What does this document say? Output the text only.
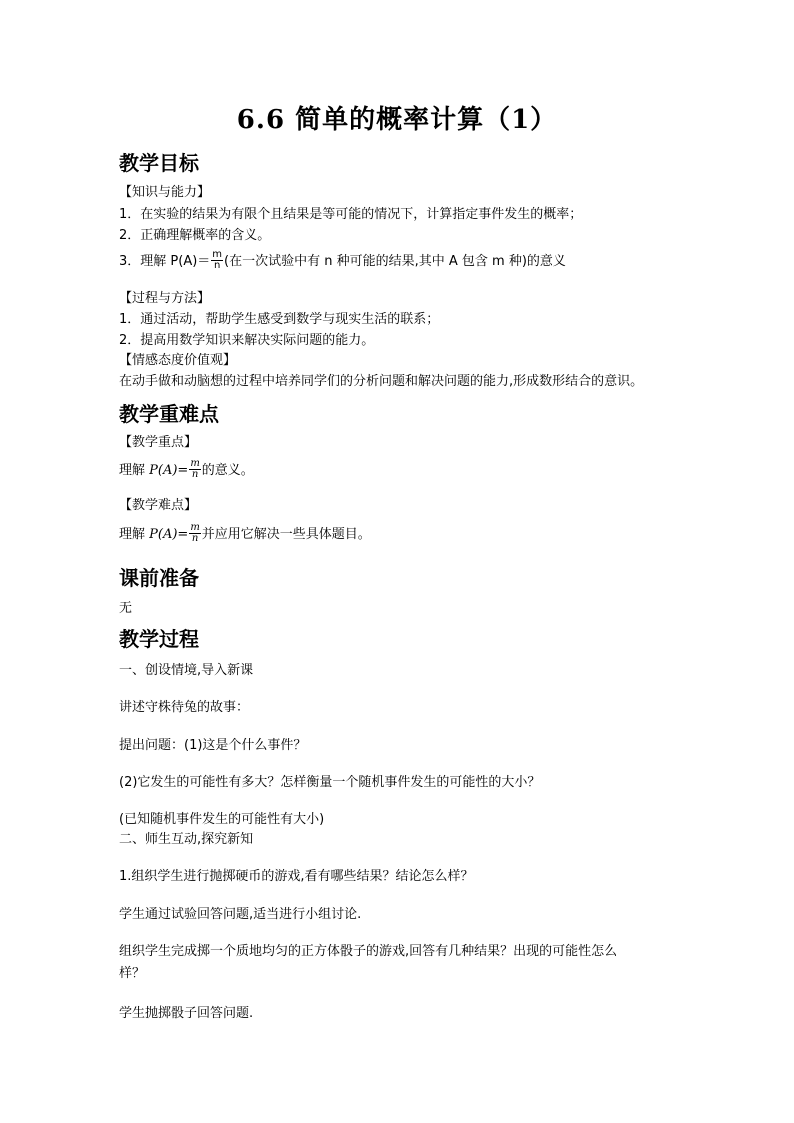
6.6 简单的概率计算（1）
教学目标
【知识与能力】
1．在实验的结果为有限个且结果是等可能的情况下，计算指定事件发生的概率；
2．正确理解概率的含义。
3．理解 $P(A)= \frac{m}{n}$ (在一次试验中有 n 种可能的结果,其中 A 包含 m 种)的意义
【过程与方法】
1．通过活动，帮助学生感受到数学与现实生活的联系；
2．提高用数学知识来解决实际问题的能力。
【情感态度价值观】
在动手做和动脑想的过程中培养同学们的分析问题和解决问题的能力,形成数形结合的意识。
教学重难点
【教学重点】
理解 $P(A)= \frac{m}{n}$ 的意义。
【教学难点】
理解 $P(A)= \frac{m}{n}$ 并应用它解决一些具体题目。
课前准备
无
教学过程
一、创设情境,导入新课
讲述守株待兔的故事：
提出问题：(1)这是个什么事件？
(2)它发生的可能性有多大？怎样衡量一个随机事件发生的可能性的大小？
(已知随机事件发生的可能性有大小)
二、师生互动,探究新知
1.组织学生进行抛掷硬币的游戏,看有哪些结果？结论怎么样？
学生通过试验回答问题,适当进行小组讨论.
组织学生完成掷一个质地均匀的正方体骰子的游戏,回答有几种结果？出现的可能性怎么
样？
学生抛掷骰子回答问题.
